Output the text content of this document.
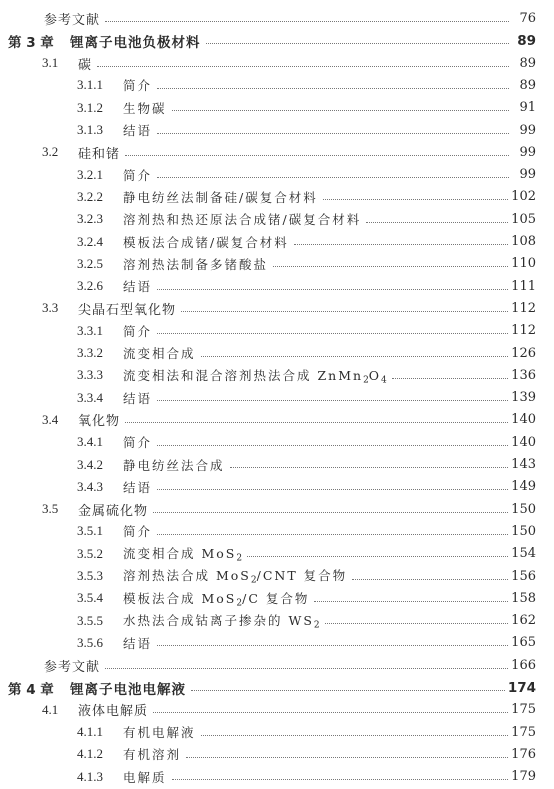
参考文献	76
第 3 章	锂离子电池负极材料	89
3.1	碳	89
3.1.1	简介	89
3.1.2	生物碳	91
3.1.3	结语	99
3.2	硅和锗	99
3.2.1	简介	99
3.2.2	静电纺丝法制备硅/碳复合材料	102
3.2.3	溶剂热和热还原法合成锗/碳复合材料	105
3.2.4	模板法合成锗/碳复合材料	108
3.2.5	溶剂热法制备多锗酸盐	110
3.2.6	结语	111
3.3	尖晶石型氧化物	112
3.3.1	简介	112
3.3.2	流变相合成	126
3.3.3	流变相法和混合溶剂热法合成 $ZnMn_2O_4$	136
3.3.4	结语	139
3.4	氧化物	140
3.4.1	简介	140
3.4.2	静电纺丝法合成	143
3.4.3	结语	149
3.5	金属硫化物	150
3.5.1	简介	150
3.5.2	流变相合成 MoS$_2$	154
3.5.3	溶剂热法合成 MoS$_2$/CNT 复合物	156
3.5.4	模板法合成 MoS$_2$/C 复合物	158
3.5.5	水热法合成钴离子掺杂的 $WS_2$	162
3.5.6	结语	165
参考文献	166
第 4 章	锂离子电池电解液	174
4.1	液体电解质	175
4.1.1	有机电解液	175
4.1.2	有机溶剂	176
4.1.3	电解质	179
